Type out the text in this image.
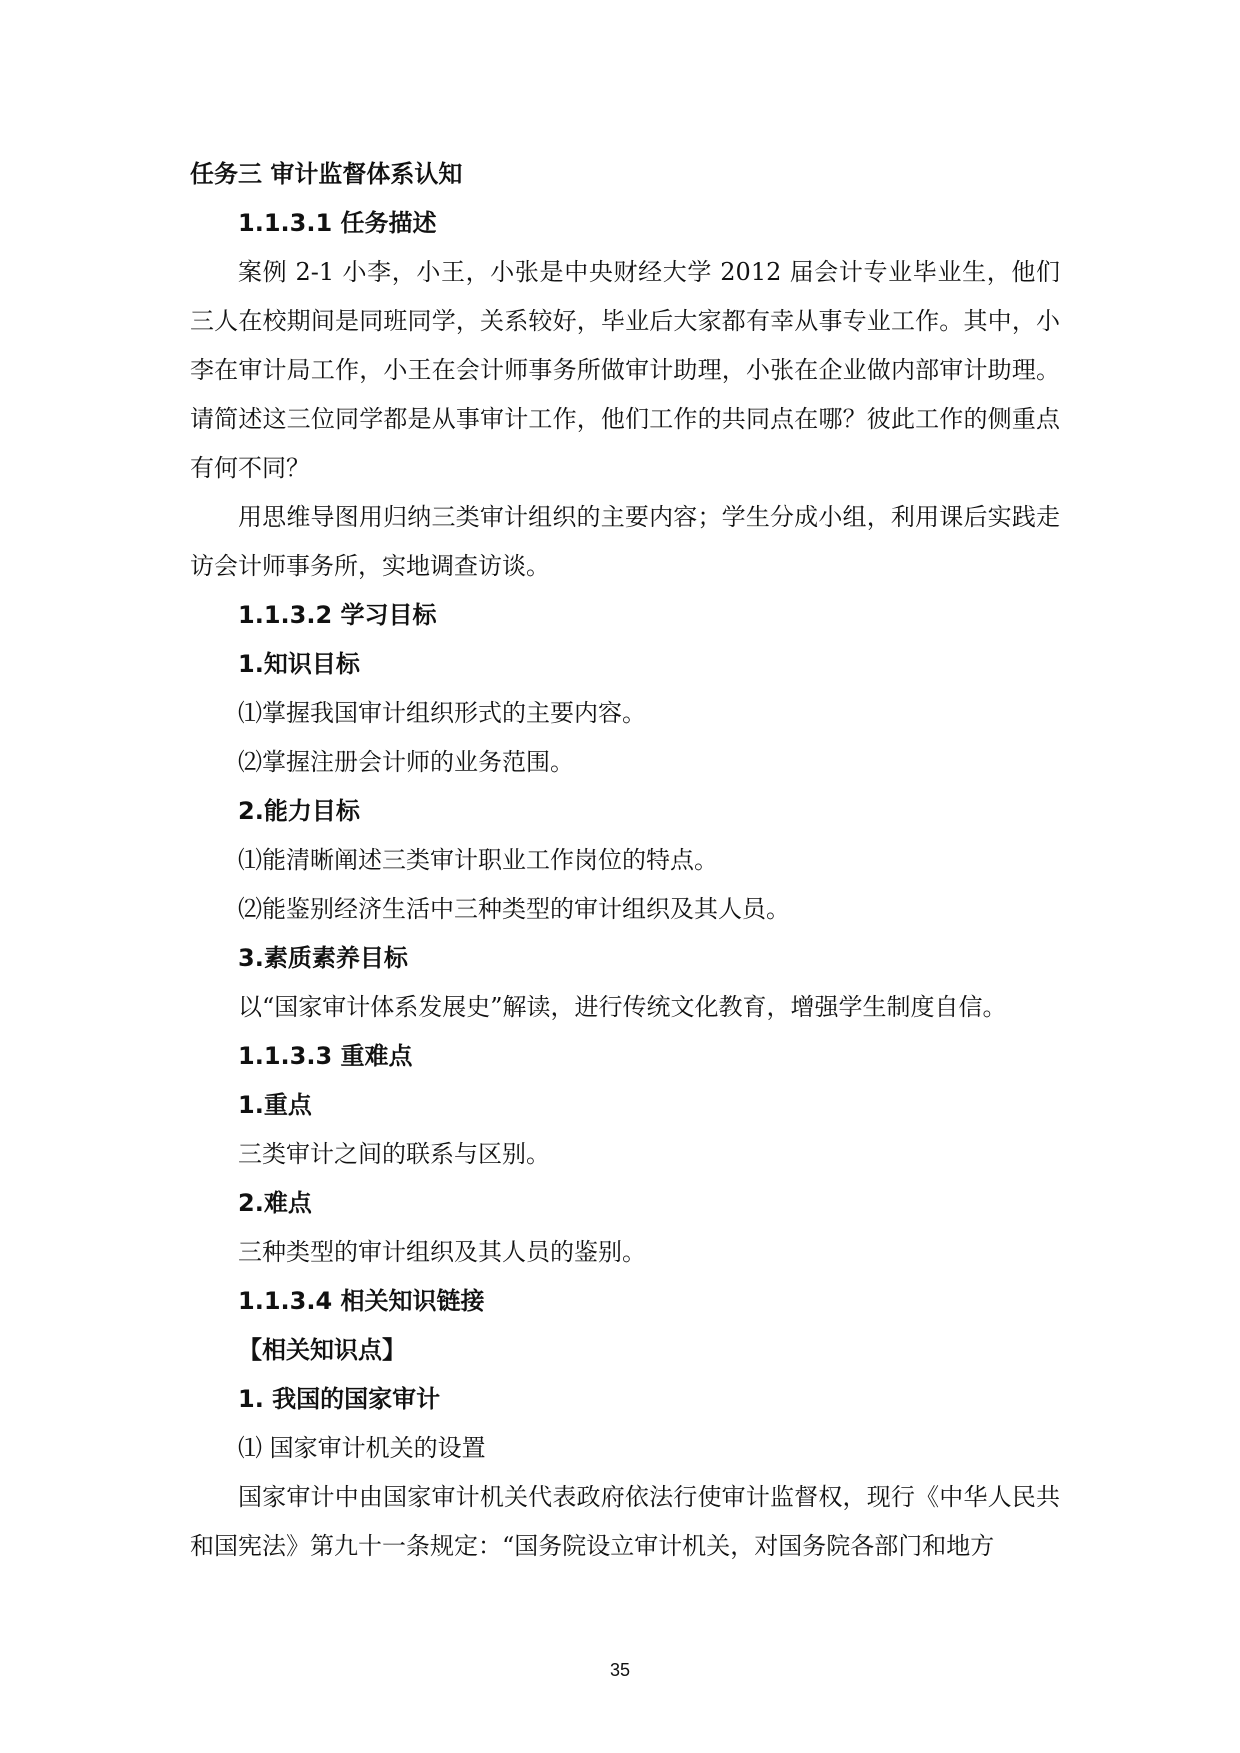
任务三 审计监督体系认知

1.1.3.1 任务描述

案例 2-1 小李，小王，小张是中央财经大学 2012 届会计专业毕业生，他们三人在校期间是同班同学，关系较好，毕业后大家都有幸从事专业工作。其中，小李在审计局工作，小王在会计师事务所做审计助理，小张在企业做内部审计助理。请简述这三位同学都是从事审计工作，他们工作的共同点在哪？彼此工作的侧重点有何不同？

用思维导图用归纳三类审计组织的主要内容；学生分成小组，利用课后实践走访会计师事务所，实地调查访谈。

1.1.3.2 学习目标

1.知识目标

⑴掌握我国审计组织形式的主要内容。

⑵掌握注册会计师的业务范围。

2.能力目标

⑴能清晰阐述三类审计职业工作岗位的特点。

⑵能鉴别经济生活中三种类型的审计组织及其人员。

3.素质素养目标

以“国家审计体系发展史”解读，进行传统文化教育，增强学生制度自信。

1.1.3.3 重难点

1.重点

三类审计之间的联系与区别。

2.难点

三种类型的审计组织及其人员的鉴别。

1.1.3.4 相关知识链接

【相关知识点】

1. 我国的国家审计

⑴ 国家审计机关的设置

国家审计中由国家审计机关代表政府依法行使审计监督权，现行《中华人民共和国宪法》第九十一条规定：“国务院设立审计机关，对国务院各部门和地方

35
